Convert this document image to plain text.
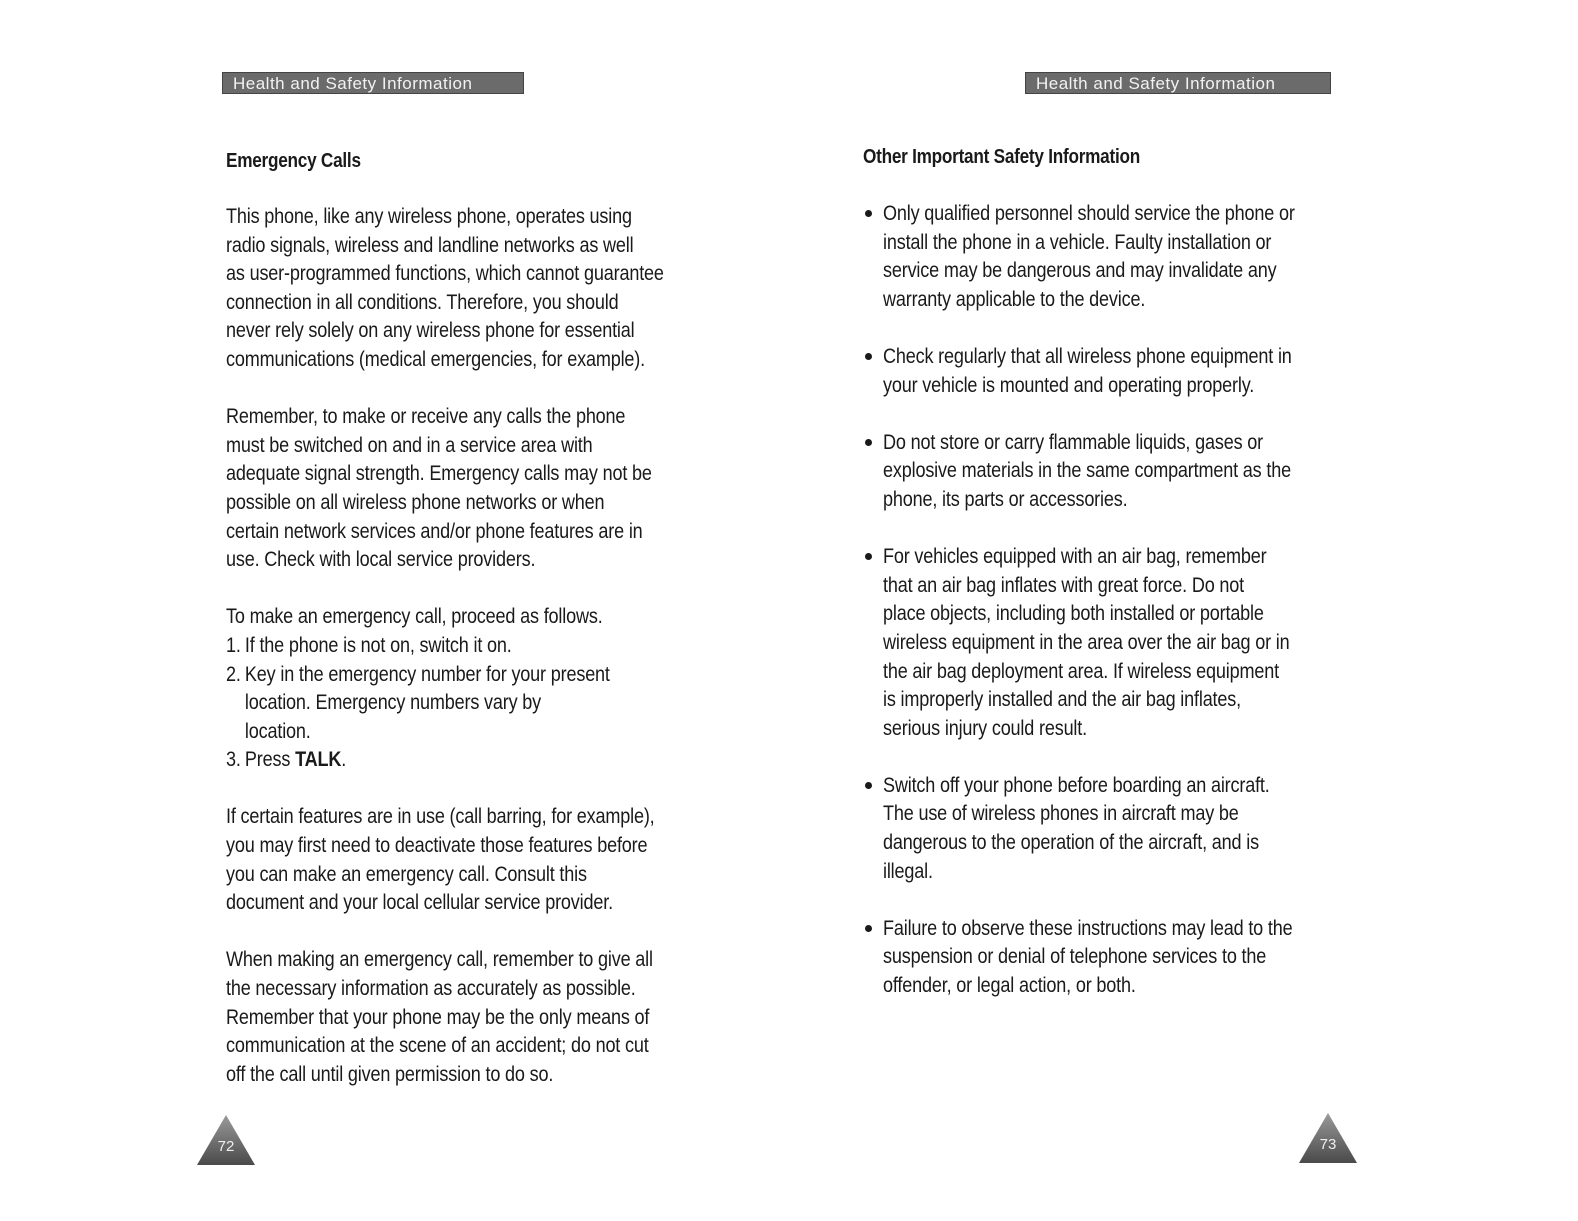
Health and Safety Information
Emergency Calls

This phone, like any wireless phone, operates using
radio signals, wireless and landline networks as well
as user-programmed functions, which cannot guarantee
connection in all conditions. Therefore, you should
never rely solely on any wireless phone for essential
communications (medical emergencies, for example).

Remember, to make or receive any calls the phone
must be switched on and in a service area with
adequate signal strength. Emergency calls may not be
possible on all wireless phone networks or when
certain network services and/or phone features are in
use. Check with local service providers.

To make an emergency call, proceed as follows.

1. If the phone is not on, switch it on.
2. Key in the emergency number for your present
location. Emergency numbers vary by
location.
3. Press TALK.

If certain features are in use (call barring, for example),
you may first need to deactivate those features before
you can make an emergency call. Consult this
document and your local cellular service provider.

When making an emergency call, remember to give all
the necessary information as accurately as possible.
Remember that your phone may be the only means of
communication at the scene of an accident; do not cut
off the call until given permission to do so.

72
Health and Safety Information
Other Important Safety Information
Only qualified personnel should service the phone or
install the phone in a vehicle. Faulty installation or
service may be dangerous and may invalidate any
warranty applicable to the device.
Check regularly that all wireless phone equipment in
your vehicle is mounted and operating properly.
Do not store or carry flammable liquids, gases or
explosive materials in the same compartment as the
phone, its parts or accessories.
For vehicles equipped with an air bag, remember
that an air bag inflates with great force. Do not
place objects, including both installed or portable
wireless equipment in the area over the air bag or in
the air bag deployment area. If wireless equipment
is improperly installed and the air bag inflates,
serious injury could result.
Switch off your phone before boarding an aircraft.
The use of wireless phones in aircraft may be
dangerous to the operation of the aircraft, and is
illegal.
Failure to observe these instructions may lead to the
suspension or denial of telephone services to the
offender, or legal action, or both.
73
